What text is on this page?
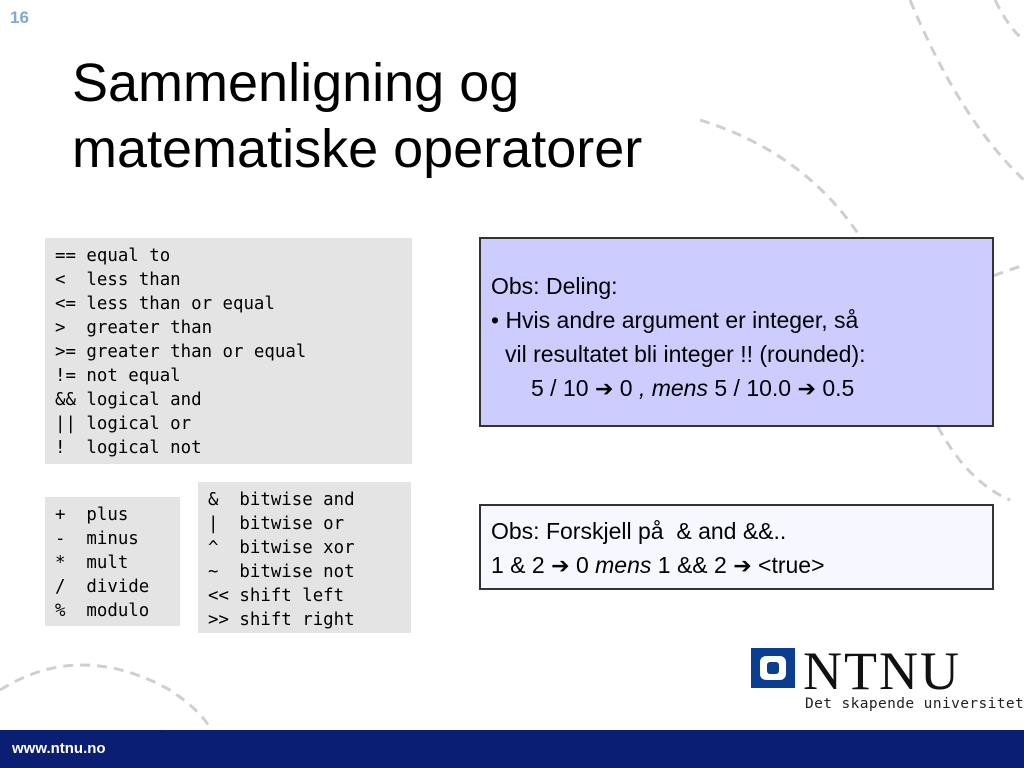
16
Sammenligning og
matematiske operatorer
== equal to
<  less than
<= less than or equal
>  greater than
>= greater than or equal
!= not equal
&& logical and
|| logical or
!  logical not
+  plus
-  minus
*  mult
/  divide
%  modulo
&  bitwise and
|  bitwise or
^  bitwise xor
~  bitwise not
<< shift left
>> shift right
Obs: Deling:
• Hvis andre argument er integer, så
vil resultatet bli integer !! (rounded):
5 / 10 ➔ 0 , mens 5 / 10.0 ➔ 0.5
Obs: Forskjell på  & and &&..
1 & 2 ➔ 0 mens 1 && 2 ➔ <true>
NTNU
Det skapende universitet
www.ntnu.no
